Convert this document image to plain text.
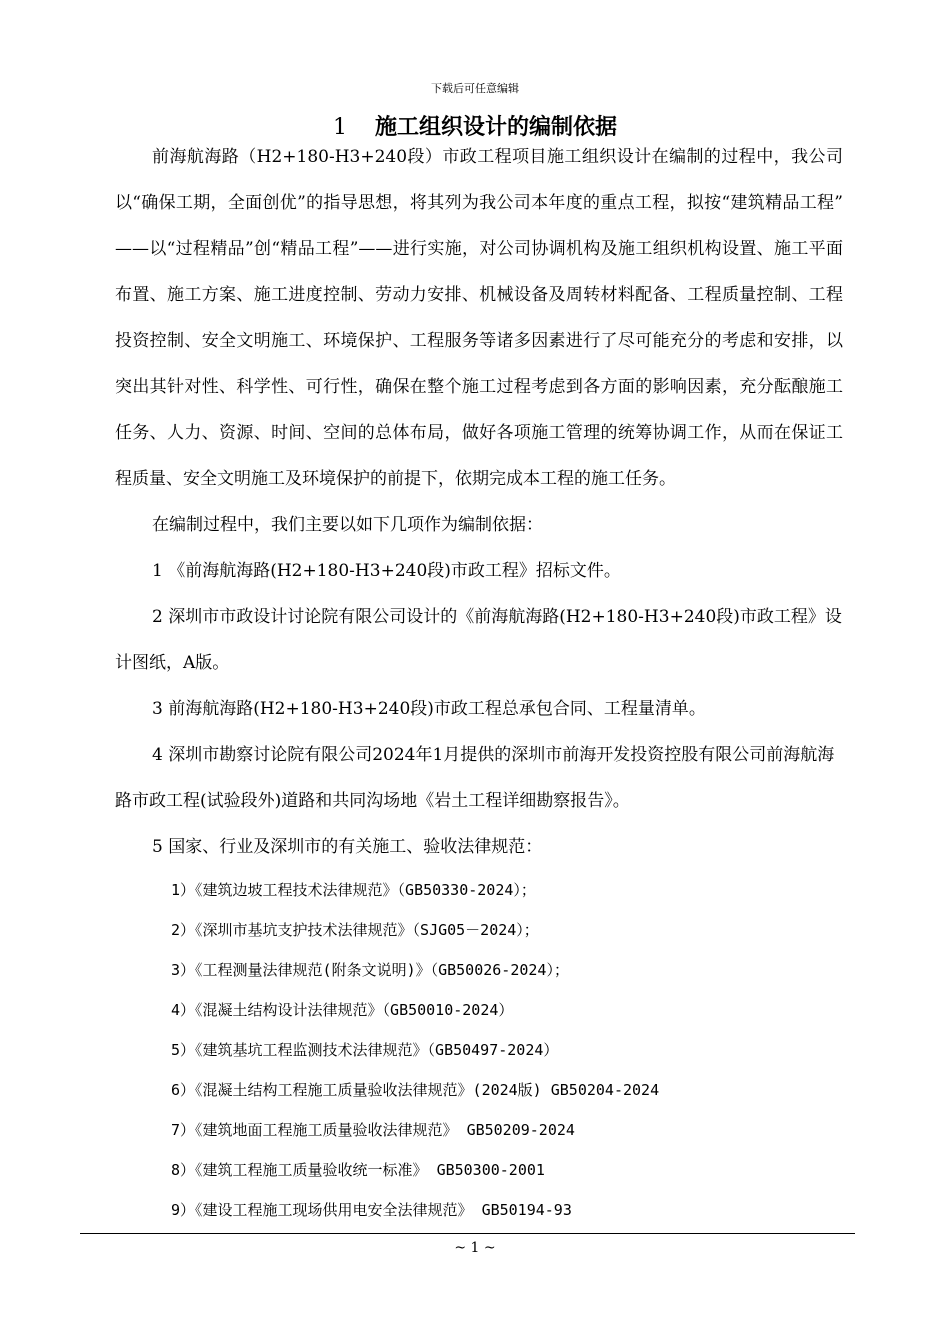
下载后可任意编辑
1 施工组织设计的编制依据

前海航海路（H2+180-H3+240段）市政工程项目施工组织设计在编制的过程中，我公司以“确保工期，全面创优”的指导思想，将其列为我公司本年度的重点工程，拟按“建筑精品工程” ——以“过程精品”创“精品工程”——进行实施，对公司协调机构及施工组织机构设置、施工平面布置、施工方案、施工进度控制、劳动力安排、机械设备及周转材料配备、工程质量控制、工程投资控制、安全文明施工、环境保护、工程服务等诸多因素进行了尽可能充分的考虑和安排，以突出其针对性、科学性、可行性，确保在整个施工过程考虑到各方面的影响因素，充分酝酿施工任务、人力、资源、时间、空间的总体布局，做好各项施工管理的统筹协调工作，从而在保证工程质量、安全文明施工及环境保护的前提下，依期完成本工程的施工任务。

在编制过程中，我们主要以如下几项作为编制依据：

1 《前海航海路(H2+180-H3+240段)市政工程》招标文件。

2 深圳市市政设计讨论院有限公司设计的《前海航海路(H2+180-H3+240段)市政工程》设计图纸，A版。

3 前海航海路(H2+180-H3+240段)市政工程总承包合同、工程量清单。

4 深圳市勘察讨论院有限公司2024年1月提供的深圳市前海开发投资控股有限公司前海航海路市政工程(试验段外)道路和共同沟场地《岩土工程详细勘察报告》。

5 国家、行业及深圳市的有关施工、验收法律规范：

1）《建筑边坡工程技术法律规范》（GB50330-2024）；
2）《深圳市基坑支护技术法律规范》（SJG05－2024）；
3）《工程测量法律规范(附条文说明)》（GB50026-2024）；
4）《混凝土结构设计法律规范》（GB50010-2024）
5）《建筑基坑工程监测技术法律规范》（GB50497-2024）
6）《混凝土结构工程施工质量验收法律规范》(2024版) GB50204-2024
7）《建筑地面工程施工质量验收法律规范》 GB50209-2024
8）《建筑工程施工质量验收统一标准》 GB50300-2001
9）《建设工程施工现场供用电安全法律规范》 GB50194-93
~ 1 ~
